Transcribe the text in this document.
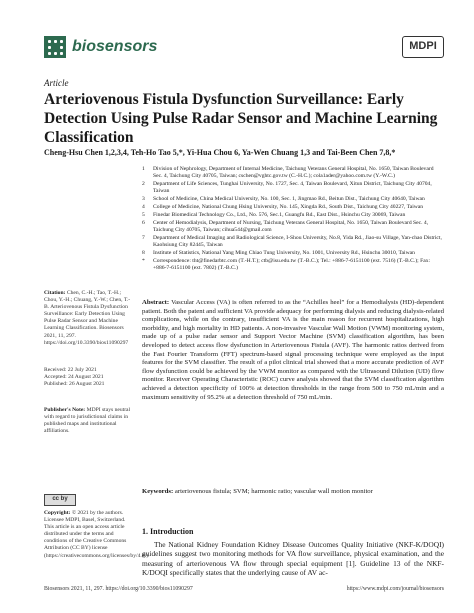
biosensors	MDPI
Article
Arteriovenous Fistula Dysfunction Surveillance: Early Detection Using Pulse Radar Sensor and Machine Learning Classification
Cheng-Hsu Chen 1,2,3,4, Teh-Ho Tao 5,*, Yi-Hua Chou 6, Ya-Wen Chuang 1,3 and Tai-Been Chen 7,8,*
1 Division of Nephrology, Department of Internal Medicine, Taichung Veterans General Hospital, No. 1650, Taiwan Boulevard Sec. 4, Taichung City 40705, Taiwan; cschen@vghtc.gov.tw (C.-H.C.); cola1ader@yahoo.com.tw (Y.-W.C.)
2 Department of Life Sciences, Tunghai University, No. 1727, Sec. 4, Taiwan Boulevard, Xitun District, Taichung City 40704, Taiwan
3 School of Medicine, China Medical University, No. 100, Sec. 1, Jingmao Rd., Beitun Dist., Taichung City 40640, Taiwan
4 College of Medicine, National Chung Hsing University, No. 145, Xingda Rd., South Dist., Taichung City 40227, Taiwan
5 Finedar Biomedical Technology Co., Ltd., No. 576, Sec.1, Guangfu Rd., East Dist., Hsinchu City 30069, Taiwan
6 Center of Hemodialysis, Department of Nursing, Taichung Veterans General Hospital, No. 1650, Taiwan Boulevard Sec. 4, Taichung City 40705, Taiwan; cihua544@gmail.com
7 Department of Medical Imaging and Radiological Science, I-Shou University, No.8, Yida Rd., Jiao-su Village, Yan-chao District, Kaohsiung City 82445, Taiwan
8 Institute of Statistics, National Yang Ming Chiao Tung University, No. 1001, University Rd., Hsinchu 30010, Taiwan
* Correspondence: tht@finedarbtc.com (T.-H.T.); ctb@isu.edu.tw (T.-B.C.); Tel.: +886-7-6151100 (ext. 7516) (T.-B.C.); Fax: +886-7-6151100 (ext. 7802) (T.-B.C.)
Citation: Chen, C.-H.; Tao, T.-H.; Chou, Y.-H.; Chuang, Y.-W.; Chen, T.-B. Arteriovenous Fistula Dysfunction Surveillance: Early Detection Using Pulse Radar Sensor and Machine Learning Classification. Biosensors 2021, 11, 297. https://doi.org/10.3390/bios11090297
Received: 22 July 2021
Accepted: 24 August 2021
Published: 26 August 2021
Publisher's Note: MDPI stays neutral with regard to jurisdictional claims in published maps and institutional affiliations.
cc by
Copyright: © 2021 by the authors. Licensee MDPI, Basel, Switzerland. This article is an open access article distributed under the terms and conditions of the Creative Commons Attribution (CC BY) license (https://creativecommons.org/licenses/by/4.0/).
Abstract: Vascular Access (VA) is often referred to as the “Achilles heel” for a Hemodialysis (HD)-dependent patient. Both the patent and sufficient VA provide adequacy for performing dialysis and reducing dialysis-related complications, while on the contrary, insufficient VA is the main reason for recurrent hospitalizations, high morbidity, and high mortality in HD patients. A non-invasive Vascular Wall Motion (VWM) monitoring system, made up of a pulse radar sensor and Support Vector Machine (SVM) classification algorithm, has been developed to detect access flow dysfunction in Arteriovenous Fistula (AVF). The harmonic ratios derived from the Fast Fourier Transform (FFT) spectrum-based signal processing technique were employed as the input features for the SVM classifier. The result of a pilot clinical trial showed that a more accurate prediction of AVF flow dysfunction could be achieved by the VWM monitor as compared with the Ultrasound Dilution (UD) flow monitor. Receiver Operating Characteristic (ROC) curve analysis showed that the SVM classification algorithm achieved a detection specificity of 100% at detection thresholds in the range from 500 to 750 mL/min and a maximum sensitivity of 95.2% at a detection threshold of 750 mL/min.
Keywords: arteriovenous fistula; SVM; harmonic ratio; vascular wall motion monitor
1. Introduction
The National Kidney Foundation Kidney Disease Outcomes Quality Initiative (NKF-K/DOQI) guidelines suggest two monitoring methods for VA flow surveillance, physical examination, and the measuring of arteriovenous VA flow through special equipment [1]. Guideline 13 of the NKF-K/DOQI specifically states that the underlying cause of AV ac-
Biosensors 2021, 11, 297. https://doi.org/10.3390/bios11090297	https://www.mdpi.com/journal/biosensors
